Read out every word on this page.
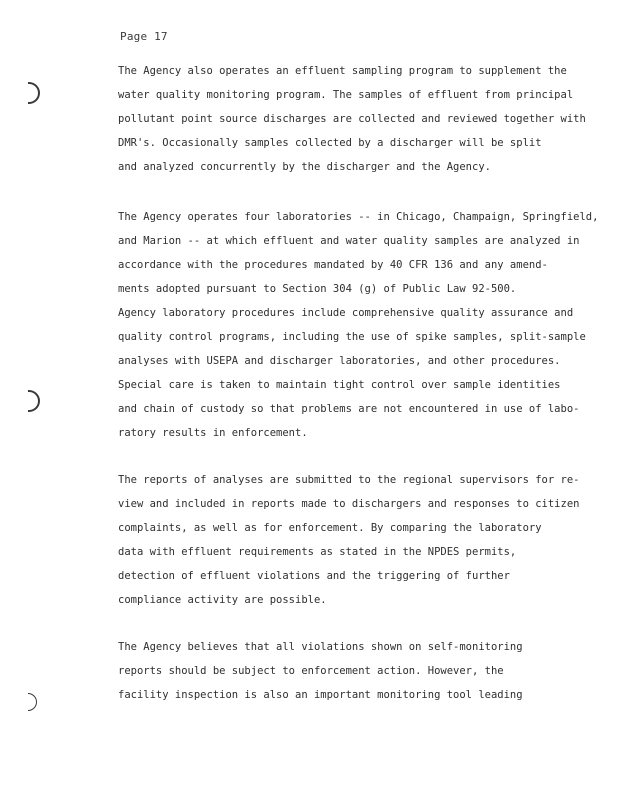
Page 17
The Agency also operates an effluent sampling program to supplement the
water quality monitoring program. The samples of effluent from principal
pollutant point source discharges are collected and reviewed together with
DMR's. Occasionally samples collected by a discharger will be split
and analyzed concurrently by the discharger and the Agency.
The Agency operates four laboratories -- in Chicago, Champaign, Springfield,
and Marion -- at which effluent and water quality samples are analyzed in
accordance with the procedures mandated by 40 CFR 136 and any amend-
ments adopted pursuant to Section 304 (g) of Public Law 92-500.
Agency laboratory procedures include comprehensive quality assurance and
quality control programs, including the use of spike samples, split-sample
analyses with USEPA and discharger laboratories, and other procedures.
Special care is taken to maintain tight control over sample identities
and chain of custody so that problems are not encountered in use of labo-
ratory results in enforcement.
The reports of analyses are submitted to the regional supervisors for re-
view and included in reports made to dischargers and responses to citizen
complaints, as well as for enforcement. By comparing the laboratory
data with effluent requirements as stated in the NPDES permits,
detection of effluent violations and the triggering of further
compliance activity are possible.
The Agency believes that all violations shown on self-monitoring
reports should be subject to enforcement action. However, the
facility inspection is also an important monitoring tool leading
